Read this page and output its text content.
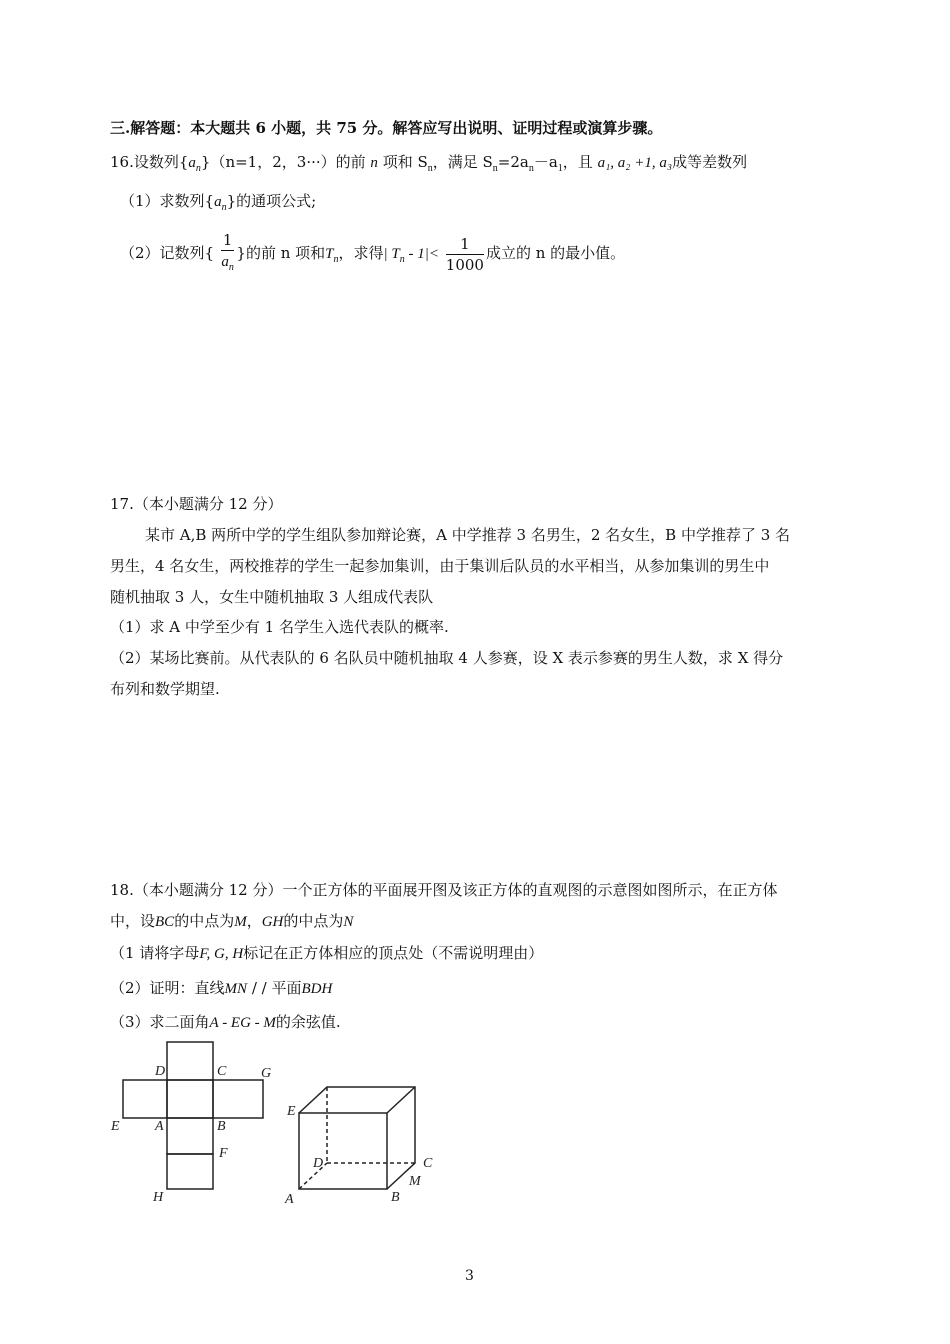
三.解答题：本大题共 6 小题，共 75 分。解答应写出说明、证明过程或演算步骤。
16.设数列$\{a_n\}(n=1$，2，3···）的前 n 项和 $S_n$，满足 $S_n=2a_n-a_1$，且 a₁, a₂ +1, a₃成等差数列
（1）求数列$\{a_n\}$的通项公式;
（2）记数列{ $\frac{1}{a_n}$ }的前 n 项和$T_n$，求得| $T_n - 1|< \frac{1}{1000}$ 成立的 n 的最小值。
17.（本小题满分 12 分）
某市 A,B 两所中学的学生组队参加辩论赛，A 中学推荐 3 名男生，2 名女生，B 中学推荐了 3 名
男生，4 名女生，两校推荐的学生一起参加集训，由于集训后队员的水平相当，从参加集训的男生中
随机抽取 3 人，女生中随机抽取 3 人组成代表队
（1）求 A 中学至少有 1 名学生入选代表队的概率.
（2）某场比赛前。从代表队的 6 名队员中随机抽取 4 人参赛，设 X 表示参赛的男生人数，求 X 得分
布列和数学期望.
18.（本小题满分 12 分）一个正方体的平面展开图及该正方体的直观图的示意图如图所示，在正方体
中，设BC的中点为M，GH的中点为N
（1 请将字母F, G, H标记在正方体相应的顶点处（不需说明理由）
（2）证明：直线MN / / 平面BDH
（3）求二面角A - EG - M的余弦值.
D	C G
E	A	B
F
H
E
D	C
A	B
M
3
